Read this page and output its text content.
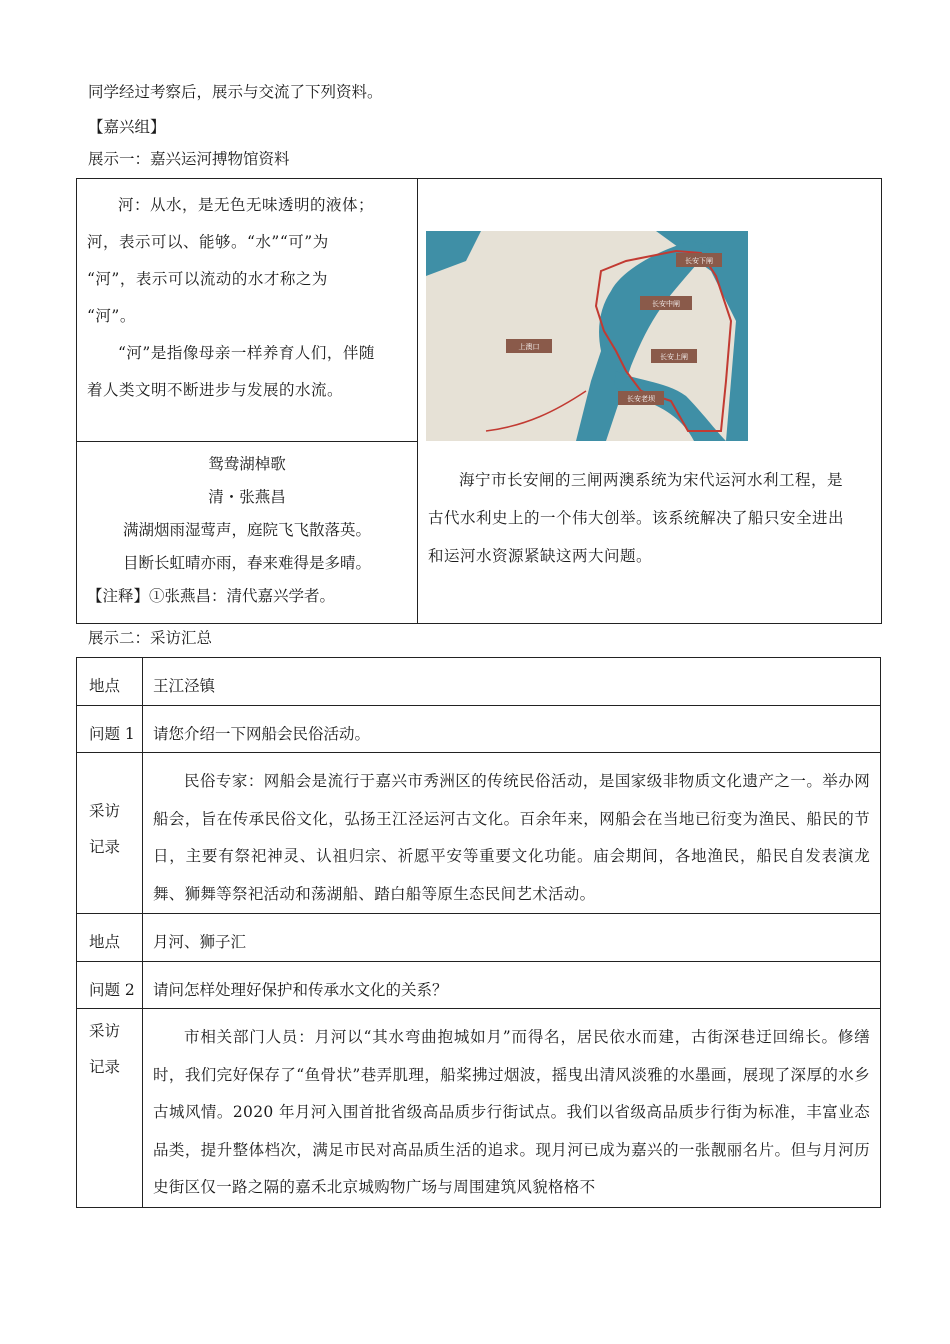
同学经过考察后，展示与交流了下列资料。
【嘉兴组】
展示一：嘉兴运河搏物馆资料

河：从水，是无色无味透明的液体；
河，表示可以、能够。“水”“可”为
“河”，表示可以流动的水才称之为
“河”。

“河”是指像母亲一样养育人们，伴随
着人类文明不断进步与发展的水流。

长安下闸
长安中闸
上澳口
长安上闸
长安老坝

海宁市长安闸的三闸两澳系统为宋代运河水利工程，是
古代水利史上的一个伟大创举。该系统解决了船只安全进出
和运河水资源紧缺这两大问题。

鸳鸯湖棹歌
清・张燕昌
满湖烟雨湿莺声，庭院飞飞散落英。
目断长虹晴亦雨，春来难得是多晴。
【注释】①张燕昌：清代嘉兴学者。
展示二：采访汇总
地点	王江泾镇
问题 1	请您介绍一下网船会民俗活动。
采访
记录	民俗专家：网船会是流行于嘉兴市秀洲区的传统民俗活动，是国家级非物质文化遗产之一。举办网船会，旨在传承民俗文化，弘扬王江泾运河古文化。百余年来，网船会在当地已衍变为渔民、船民的节日，主要有祭祀神灵、认祖归宗、祈愿平安等重要文化功能。庙会期间，各地渔民，船民自发表演龙舞、狮舞等祭祀活动和荡湖船、踏白船等原生态民间艺术活动。
地点	月河、狮子汇
问题 2	请问怎样处理好保护和传承水文化的关系？
采访
记录	市相关部门人员：月河以“其水弯曲抱城如月”而得名，居民依水而建，古街深巷迂回绵长。修缮时，我们完好保存了“鱼骨状”巷弄肌理，船桨拂过烟波，摇曳出清风淡雅的水墨画，展现了深厚的水乡古城风情。2020 年月河入围首批省级高品质步行街试点。我们以省级高品质步行街为标准，丰富业态品类，提升整体档次，满足市民对高品质生活的追求。现月河已成为嘉兴的一张靓丽名片。但与月河历史街区仅一路之隔的嘉禾北京城购物广场与周围建筑风貌格格不
